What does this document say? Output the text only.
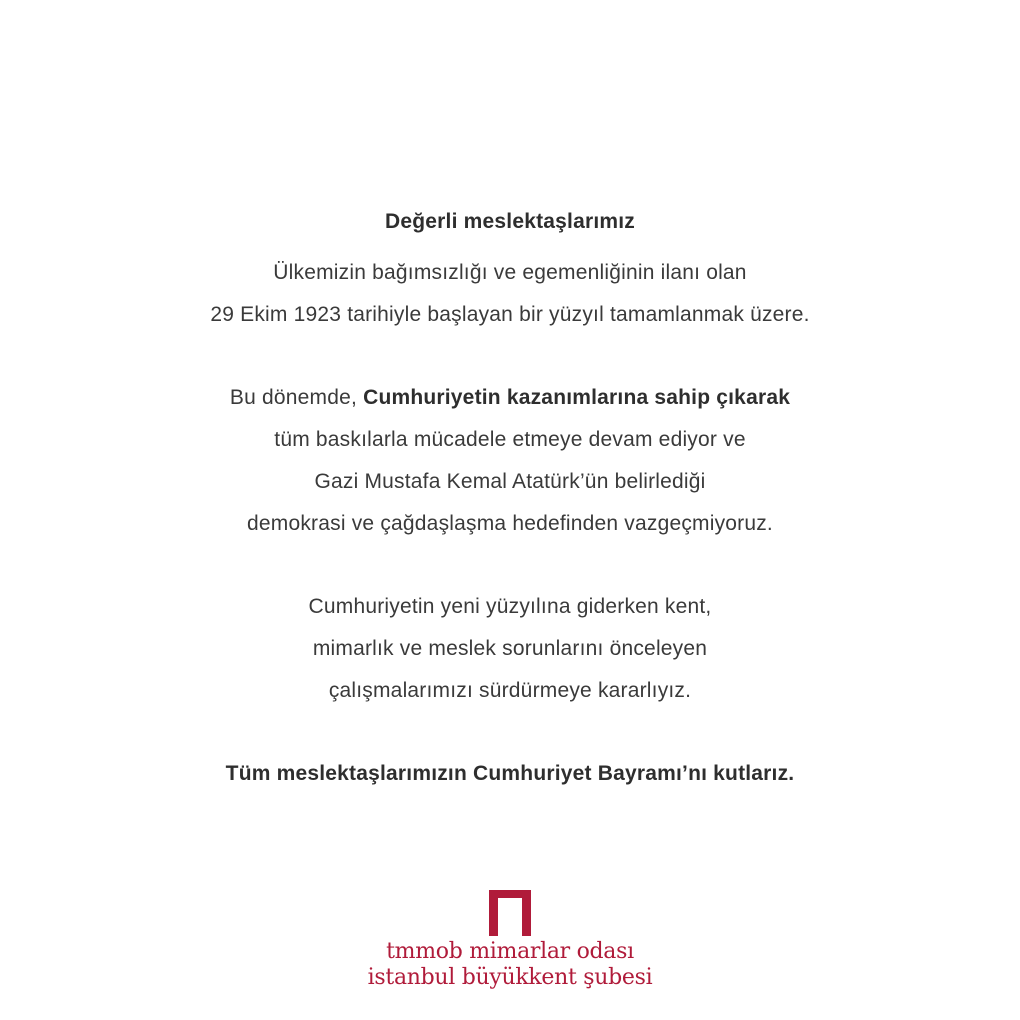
Değerli meslektaşlarımız
Ülkemizin bağımsızlığı ve egemenliğinin ilanı olan
29 Ekim 1923 tarihiyle başlayan bir yüzyıl tamamlanmak üzere.
Bu dönemde, Cumhuriyetin kazanımlarına sahip çıkarak
tüm baskılarla mücadele etmeye devam ediyor ve
Gazi Mustafa Kemal Atatürk’ün belirlediği
demokrasi ve çağdaşlaşma hedefinden vazgeçmiyoruz.
Cumhuriyetin yeni yüzyılına giderken kent,
mimarlık ve meslek sorunlarını önceleyen
çalışmalarımızı sürdürmeye kararlıyız.
Tüm meslektaşlarımızın Cumhuriyet Bayramı’nı kutlarız.
tmmob mimarlar odası
istanbul büyükkent şubesi
